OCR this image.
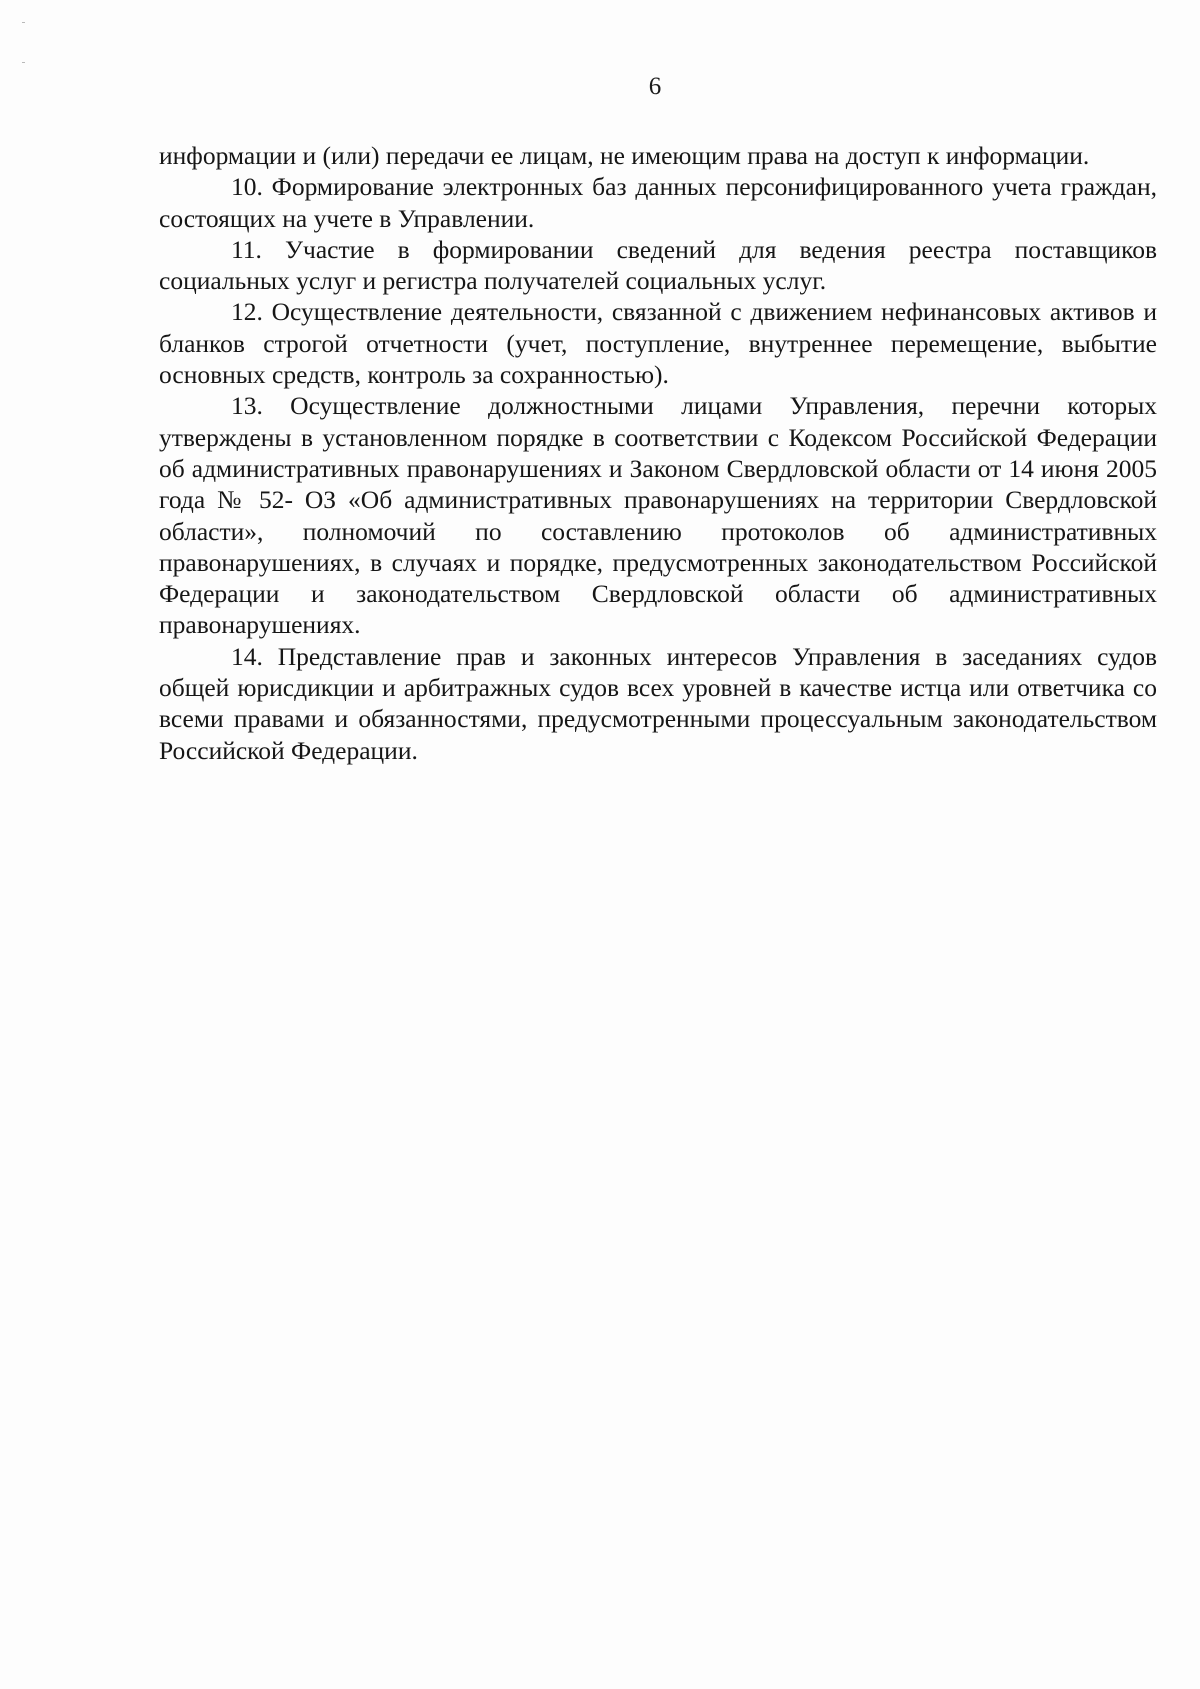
6

информации и (или) передачи ее лицам, не имеющим права на доступ к информации.

10. Формирование электронных баз данных персонифицированного учета граждан, состоящих на учете в Управлении.

11. Участие в формировании сведений для ведения реестра поставщиков социальных услуг и регистра получателей социальных услуг.

12. Осуществление деятельности, связанной с движением нефинансовых активов и бланков строгой отчетности (учет, поступление, внутреннее перемещение, выбытие основных средств, контроль за сохранностью).

13. Осуществление должностными лицами Управления, перечни которых утверждены в установленном порядке в соответствии с Кодексом Российской Федерации об административных правонарушениях и Законом Свердловской области от 14 июня 2005 года № 52- ОЗ «Об административных правонарушениях на территории Свердловской области», полномочий по составлению протоколов об административных правонарушениях, в случаях и порядке, предусмотренных законодательством Российской Федерации и законодательством Свердловской области об административных правонарушениях.

14. Представление прав и законных интересов Управления в заседаниях судов общей юрисдикции и арбитражных судов всех уровней в качестве истца или ответчика со всеми правами и обязанностями, предусмотренными процессуальным законодательством Российской Федерации.
